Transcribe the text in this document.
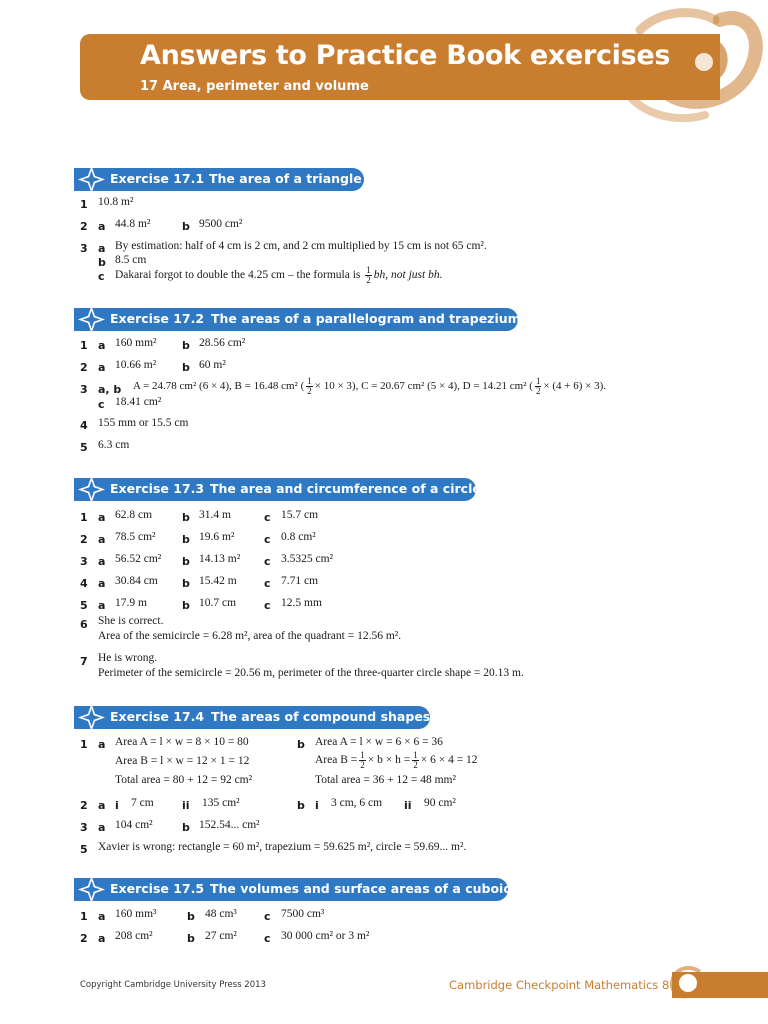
Answers to Practice Book exercises
17 Area, perimeter and volume
Exercise 17.1 The area of a triangle
1 10.8 m²
2 a 44.8 m²	b 9500 cm²
3 a By estimation: half of 4 cm is 2 cm, and 2 cm multiplied by 15 cm is not 65 cm².
b 8.5 cm
c Dakarai forgot to double the 4.25 cm – the formula is $\frac{1}{2}$ bh, not just bh.
Exercise 17.2 The areas of a parallelogram and trapezium
1 a 160 mm² b 28.56 cm²
2 a 10.66 m² b 60 m²
3 a, b A = 24.78 cm² (6 × 4), B = 16.48 cm² ( $\frac{1}{2} \times 10 \times 3$), C = 20.67 cm² (5 × 4), D = 14.21 cm² ( $\frac{1}{2} \times (4 + 6) \times 3$).
c 18.41 cm²
4 155 mm or 15.5 cm
5 6.3 cm
Exercise 17.3 The area and circumference of a circle
1 a 62.8 cm	b 31.4 m	c 15.7 cm
2 a 78.5 cm² b 19.6 m²	c 0.8 cm²
3 a 56.52 cm² b 14.13 m² c 3.5325 cm²
4 a 30.84 cm b 15.42 m c 7.71 cm
5 a 17.9 m	b 10.7 cm	c 12.5 mm
6 She is correct.
Area of the semicircle = 6.28 m², area of the quadrant = 12.56 m².
7 He is wrong.
Perimeter of the semicircle = 20.56 m, perimeter of the three-quarter circle shape = 20.13 m.
Exercise 17.4 The areas of compound shapes
1 a Area A = l × w = 8 × 10 = 80
Area B = l × w = 12 × 1 = 12
Total area = 80 + 12 = 92 cm²
b Area A = l × w = 6 × 6 = 36
Area $B = \frac{1}{2} \times b \times h = \frac{1}{2} \times 6 \times 4 = 12$
Total area = 36 + 12 = 48 mm²
2 a i 7 cm	ii 135 cm²	b i 3 cm, 6 cm ii 90 cm²
3 a 104 cm²	b 152.54... cm²
5 Xavier is wrong: rectangle = 60 m², trapezium = 59.625 m², circle = 59.69... m².
Exercise 17.5 The volumes and surface areas of a cuboid
1 a 160 mm³	b 48 cm³ c 7500 cm³
2 a 208 cm²	b 27 cm² c 30 000 cm² or 3 m²
Copyright Cambridge University Press 2013	Cambridge Checkpoint Mathematics 8 1
